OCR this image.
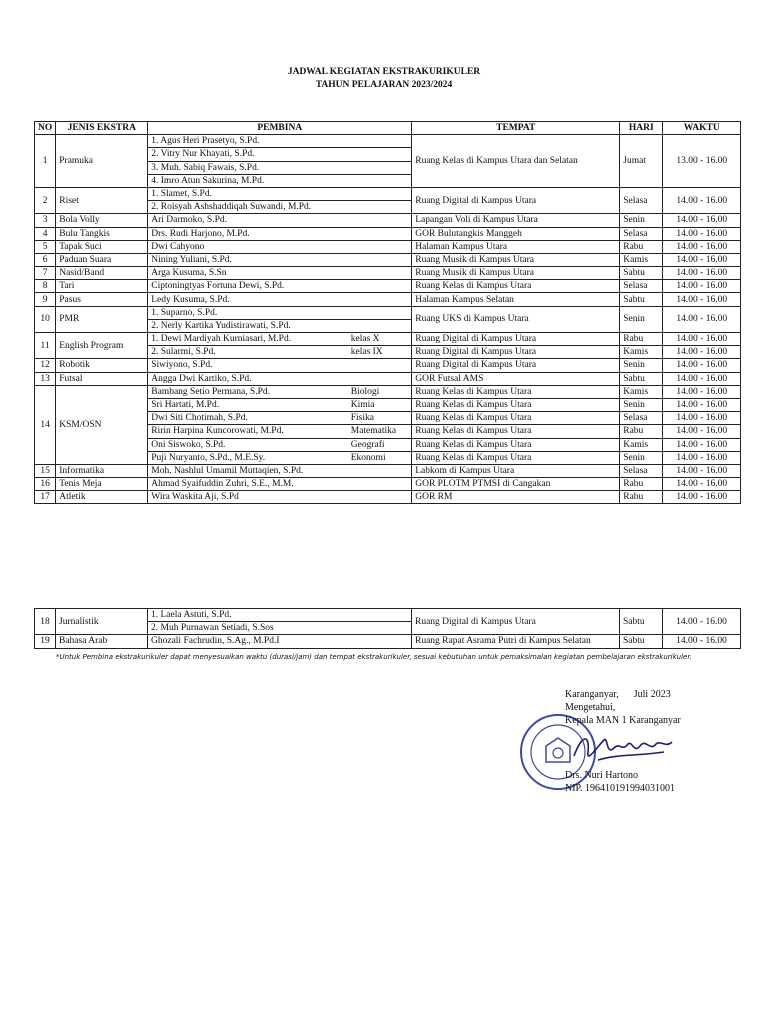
JADWAL KEGIATAN EKSTRAKURIKULER
TAHUN PELAJARAN 2023/2024
NO	JENIS EKSTRA	PEMBINA		TEMPAT	HARI	WAKTU
1	Pramuka	1. Agus Heri Prasetyo, S.Pd.		Ruang Kelas di Kampus Utara dan Selatan	Jumat	13.00 - 16.00
		2. Vitry Nur Khayati, S.Pd.				
		3. Muh. Sabiq Fawais, S.Pd.				
		4. Imro Atun Sakurina, M.Pd.				
2	Riset	1. Slamet, S.Pd.		Ruang Digital di Kampus Utara	Selasa	14.00 - 16.00
		2. Roisyah Ashshaddiqah Suwandi, M.Pd.				
3	Bola Volly	Ari Darmoko, S.Pd.		Lapangan Voli di Kampus Utara	Senin	14.00 - 16.00
4	Bulu Tangkis	Drs. Rudi Harjono, M.Pd.		GOR Bulutangkis Manggeh	Selasa	14.00 - 16.00
5	Tapak Suci	Dwi Cahyono		Halaman Kampus Utara	Rabu	14.00 - 16.00
6	Paduan Suara	Nining Yuliani, S.Pd.		Ruang Musik di Kampus Utara	Kamis	14.00 - 16.00
7	Nasid/Band	Arga Kusuma, S.Sn		Ruang Musik di Kampus Utara	Sabtu	14.00 - 16.00
8	Tari	Ciptoningtyas Fortuna Dewi, S.Pd.		Ruang Kelas di Kampus Utara	Selasa	14.00 - 16.00
9	Pasus	Ledy Kusuma, S.Pd.		Halaman Kampus Selatan	Sabtu	14.00 - 16.00
10	PMR	1. Suparno, S.Pd.		Ruang UKS di Kampus Utara	Senin	14.00 - 16.00
		2. Nerly Kartika Yudistirawati, S.Pd.				
11	English Program	1. Dewi Mardiyah Kurniasari, M.Pd.	kelas X	Ruang Digital di Kampus Utara	Rabu	14.00 - 16.00
		2. Sularmi, S.Pd.	kelas IX	Ruang Digital di Kampus Utara	Kamis	14.00 - 16.00
12	Robotik	Siwiyono, S.Pd.		Ruang Digital di Kampus Utara	Senin	14.00 - 16.00
13	Futsal	Angga Dwi Kartiko, S.Pd.		GOR Futsal AMS	Sabtu	14.00 - 16.00
14	KSM/OSN	Bambang Setio Permana, S.Pd.	Biologi	Ruang Kelas di Kampus Utara	Kamis	14.00 - 16.00
		Sri Hartati, M.Pd.	Kimia	Ruang Kelas di Kampus Utara	Senin	14.00 - 16.00
		Dwi Siti Chotimah, S.Pd.	Fisika	Ruang Kelas di Kampus Utara	Selasa	14.00 - 16.00
		Ririn Harpina Kuncorowati, M.Pd.	Matematika	Ruang Kelas di Kampus Utara	Rabu	14.00 - 16.00
		Oni Siswoko, S.Pd.	Geografi	Ruang Kelas di Kampus Utara	Kamis	14.00 - 16.00
		Puji Nuryanto, S.Pd., M.E.Sy.	Ekonomi	Ruang Kelas di Kampus Utara	Senin	14.00 - 16.00
15	Informatika	Moh. Nashlul Umamil Muttaqien, S.Pd.		Labkom di Kampus Utara	Selasa	14.00 - 16.00
16	Tenis Meja	Ahmad Syaifuddin Zuhri, S.E., M.M.		GOR PLOTM PTMSI di Cangakan	Rabu	14.00 - 16.00
17	Atletik	Wira Waskita Aji, S.Pd		GOR RM	Rabu	14.00 - 16.00
18	Jurnalistik	1. Laela Astuti, S.Pd.	Ruang Digital di Kampus Utara	Sabtu	14.00 - 16.00
		2. Muh Purnawan Setiadi, S.Sos			
19	Bahasa Arab	Ghozali Fachrudin, S.Ag., M.Pd.I	Ruang Rapat Asrama Putri di Kampus Selatan	Sabtu	14.00 - 16.00
*Untuk Pembina ekstrakurikuler dapat menyesuaikan waktu (durasi/jam) dan tempat ekstrakurikuler, sesuai kebutuhan untuk pemaksimalan kegiatan pembelajaran ekstrakurikuler.
Karanganyar, Juli 2023
Mengetahui,
Kepala MAN 1 Karanganyar
Drs. Nuri Hartono
NIP. 196410191994031001
